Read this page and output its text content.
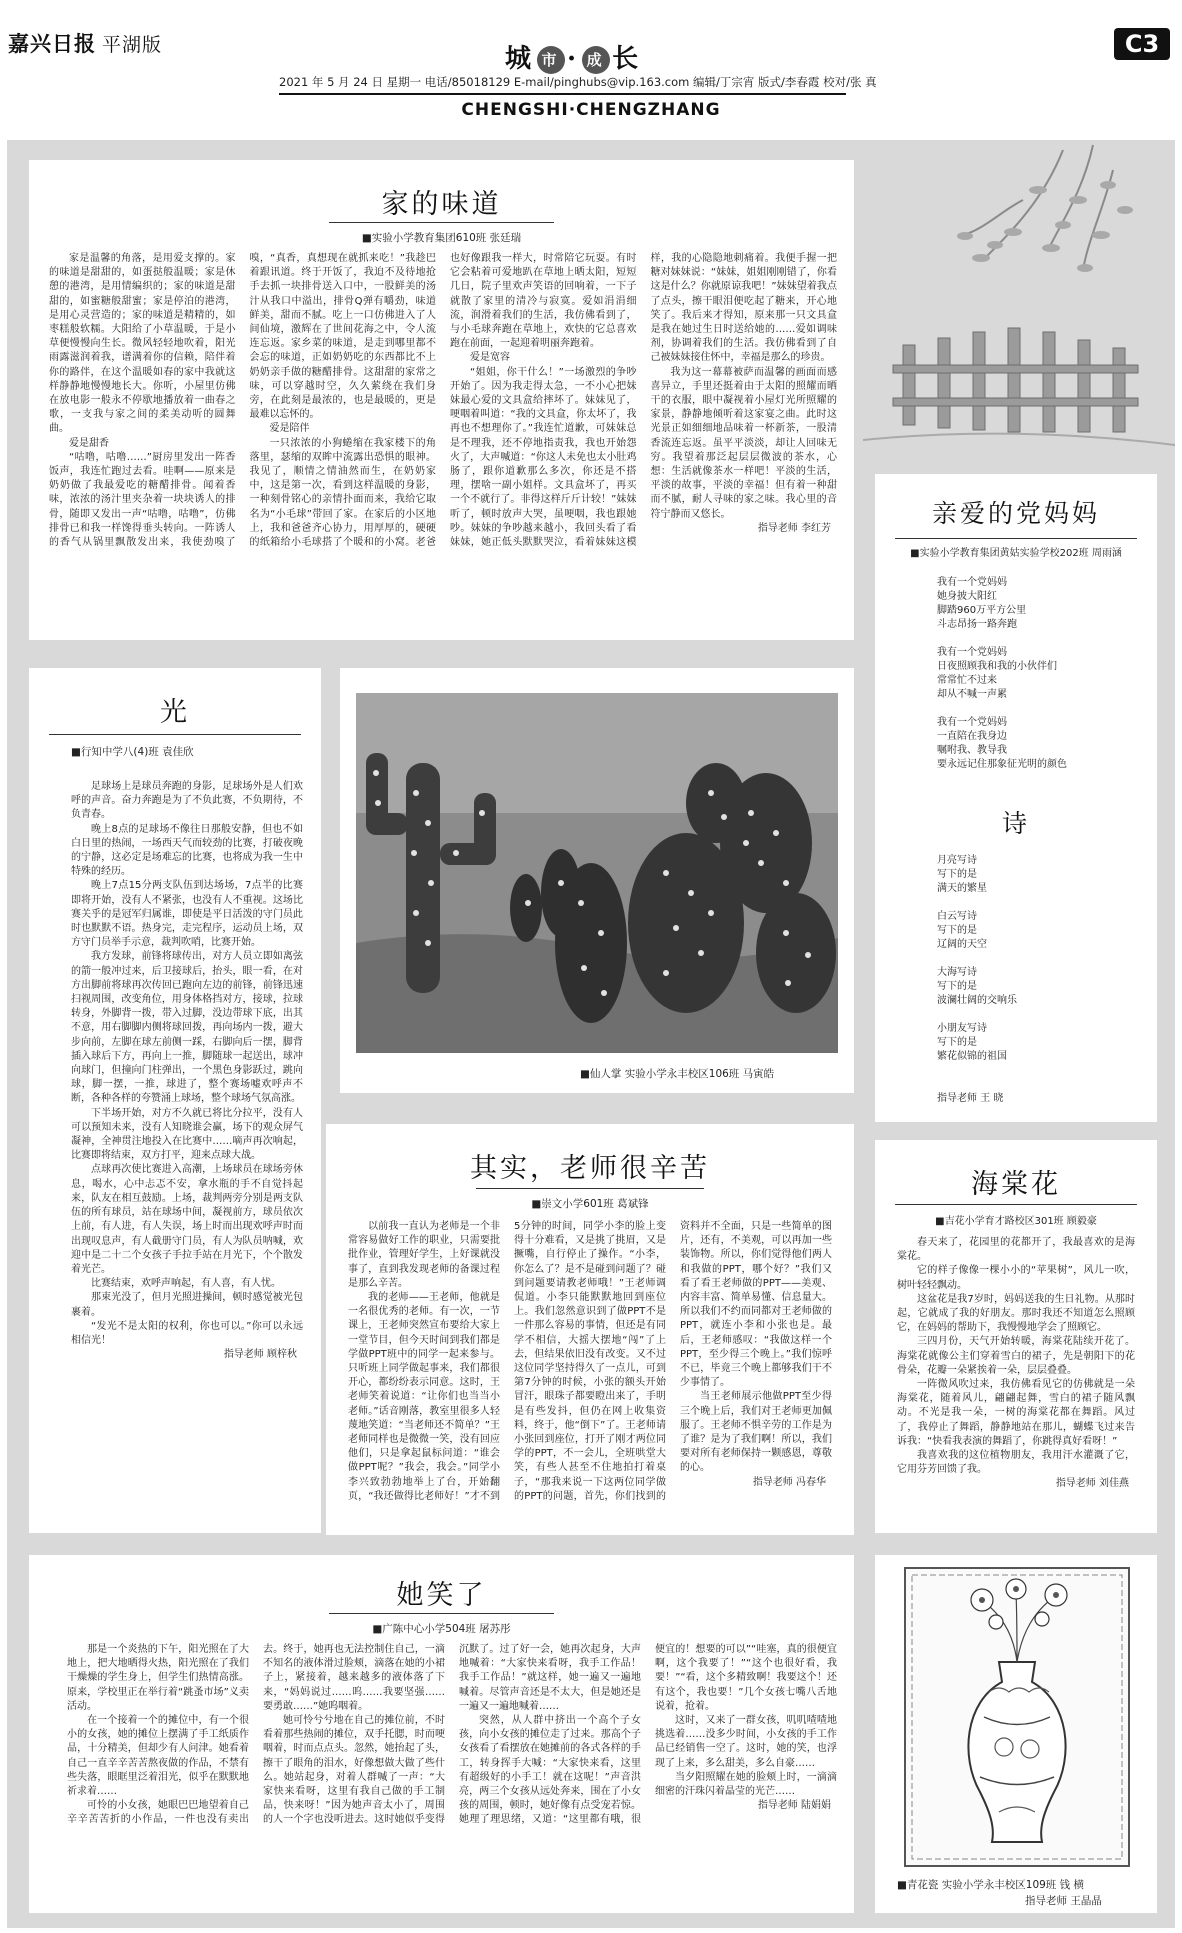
嘉兴日报 平湖版	城 市 · 成 长	C3
2021 年 5 月 24 日 星期一 电话/85018129 E-mail/pinghubs@vip.163.com 编辑/丁宗宵 版式/李春霞 校对/张 真
CHENGSHI·CHENGZHANG
家的味道
■实验小学教育集团610班 张廷瑞

家是温馨的角落，是用爱支撑的。家的味道是甜甜的，如蛋挞般温暖；家是休憩的港湾，是用情编织的；家的味道是甜甜的，如蜜糖般甜蜜；家是停泊的港湾，是用心灵营造的；家的味道是精精的，如枣糕般软糯。大阳给了小草温暖，于是小草便慢慢向生长。微风轻轻地吹着，阳光雨露滋润着我，谱满着你的信赖，陪伴着你的路伴，在这个温暖如春的家中我就这样静静地慢慢地长大。你听，小屋里仿佛在放电影一般永不停歇地播放着一曲春之歌，一支我与家之间的柔美动听的圆舞曲。

爱是甜香

“咕噜，咕噜……”厨房里发出一阵香饭声，我连忙跑过去看。哇啊——原来是奶奶做了我最爱吃的糖醋排骨。闻着香味，浓浓的汤汁里夹杂着一块块诱人的排骨，随即又发出一声“咕噜，咕噜”，仿佛排骨已和我一样馋得垂头转向。一阵诱人的香气从锅里飘散发出来，我使劲嗅了嗅，“真香，真想现在就抓来吃！”我趁巴着跟讯道。终于开饭了，我迫不及待地抢手去抓一块排骨送入口中，一股鲜美的汤汁从我口中溢出，排骨Q弹有嚼劲，味道鲜美，甜而不腻。吃上一口仿佛进入了人间仙境，激辉在了世间花海之中，令人流连忘返。家乡菜的味道，是走到哪里都不会忘的味道，正如奶奶吃的东西都比不上奶奶亲手做的糖醋排骨。这甜甜的家常之味，可以穿越时空，久久萦绕在我们身旁，在此刻是最浓的，也是最暖的，更是最难以忘怀的。

爱是陪伴

一只浓浓的小狗蜷缩在我家楼下的角落里，瑟缩的双眸中流露出恐惧的眼神。我见了，顺情之情油然而生，在奶奶家中，这是第一次，看到这样温暖的身影，一种刻骨铭心的亲情扑面而来，我给它取名为“小毛球”带回了家。在家后的小区地上，我和爸爸齐心协力，用厚厚的，硬硬的纸箱给小毛球搭了个暖和的小窝。老爸也好像跟我一样大，时常陪它玩耍。有时它会粘着可爱地趴在草地上晒太阳，短短几日，院子里欢声笑语的回响着，一下子就散了家里的清冷与寂寞。爱如涓涓细流，润滑着我们的生活，我仿佛看到了，与小毛球奔跑在草地上，欢快的它总喜欢跑在前面，一起迎着明丽奔跑着。

爱是宽容

“姐姐，你干什么！”一场激烈的争吵开始了。因为我走得太急，一不小心把妹妹最心爱的文具盒给摔坏了。妹妹见了，哽咽着叫道：“我的文具盒，你太坏了，我再也不想理你了。”我连忙道歉，可妹妹总是不理我，还不停地指责我，我也开始怨火了，大声喊道：“你这人未免也太小肚鸡肠了，跟你道歉那么多次，你还是不搭理，摆啥一副小姐样。文具盒坏了，再买一个不就行了。非得这样斤斤计较！”妹妹听了，顿时放声大哭，虽哽咽，我也跟她吵。妹妹的争吵越来越小，我回头看了看妹妹，她正低头默默哭泣，看着妹妹这模样，我的心隐隐地刺痛着。我便手握一把糖对妹妹说：“妹妹，姐姐刚刚错了，你看这是什么？你就原谅我吧！”妹妹望着我点了点头，擦干眼泪便吃起了糖来，开心地笑了。我后来才得知，原来那一只文具盒是我在她过生日时送给她的……爱如调味剂，协调着我们的生活。我仿佛看到了自己被妹妹接住怀中，幸福是那么的珍贵。

我为这一幕幕被萨而温馨的画面而感喜异立，手里还挺着由于太阳的照耀而晒干的衣服，眼中凝视着小屋灯光所照耀的家景，静静地倾听着这家宴之曲。此时这光景正如细细地品味着一杯新茶，一股清香流连忘返。虽平平淡淡，却让人回味无穷。我望着那泛起层层微波的茶水，心想：生活就像茶水一样吧！平淡的生活，平淡的故事，平淡的幸福！但有着一种甜而不腻，耐人寻味的家之味。我心里的音符宁静而又悠长。

指导老师 李红芳
亲爱的党妈妈
■实验小学教育集团黄姑实验学校202班 周雨涵
我有一个党妈妈
她身披大阳红
脚踏960万平方公里
斗志昂扬一路奔跑
我有一个党妈妈
日夜照顾我和我的小伙伴们
常常忙不过来
却从不喊一声累
我有一个党妈妈
一直陪在我身边
嘱咐我、教导我
要永远记住那象征光明的颜色
诗
月亮写诗
写下的是
满天的繁星
白云写诗
写下的是
辽阔的天空
大海写诗
写下的是
波澜壮阔的交响乐
小朋友写诗
写下的是
繁花似锦的祖国
指导老师 王 晓
光
■行知中学八(4)班 袁佳欣

足球场上是球员奔跑的身影，足球场外是人们欢呼的声音。奋力奔跑是为了不负此赛，不负期待，不负青春。

晚上8点的足球场不像往日那般安静，但也不如白日里的热闹，一场西天气而较劲的比赛，打破夜晚的宁静，这必定是场难忘的比赛，也将成为我一生中特殊的经历。

晚上7点15分两支队伍到达场场，7点半的比赛即将开始，没有人不紧张，也没有人不重视。这场比赛关乎的是冠军归属谁，即使是平日活泼的守门员此时也默默不语。热身完，走完程序，运动员上场，双方守门员举手示意，裁判吹哨，比赛开始。

我方发球，前锋将球传出，对方人员立即如离弦的箭一般冲过来，后卫接球后，抬头，眼一看，在对方出脚前将球再次传回已跑向左边的前锋，前锋迅速扫视周围，改变角位，用身体格挡对方，接球，拉球转身，外脚背一拨，带入过脚，没边带球下底，出其不意，用右脚脚内侧将球回拨，再向场内一拨，避大步向前，左脚在球左前侧一踩，右脚向后一摆，脚背插入球后下方，再向上一推，脚随球一起送出，球冲向球门，但撞向门柱弹出，一个黑色身影跃过，跳向球，脚一摆，一推，球进了，整个赛场嘘欢呼声不断，各种各样的夸赞涌上球场，整个球场气氛高涨。

下半场开始，对方不久就已将比分拉平，没有人可以预知未来，没有人知晓谁会赢，场下的观众屏气凝神，全神贯注地投入在比赛中……嘀声再次响起，比赛即将结束，双方打平，迎来点球大战。

点球再次使比赛进入高潮，上场球员在球场旁休息，喝水，心中忐忑不安，拿水瓶的手不自觉抖起来，队友在相互鼓励。上场，裁判两旁分别是两支队伍的所有球员，站在球场中间，凝视前方，球员依次上前，有人进，有人失误，场上时而出现欢呼声时而出现叹息声，有人截册守门员，有人为队员呐喊，欢迎中是二十二个女孩子手拉手站在月光下，个个散发着光芒。

比赛结束，欢呼声响起，有人喜，有人忧。

那束光没了，但月光照进操间，顿时感觉被光包裹着。

“发光不是太阳的权利，你也可以。”你可以永远相信光！

指导老师 顾梓秋
■仙人掌 实验小学永丰校区106班 马寅皓
其实，老师很辛苦
■崇文小学601班 葛斌锋

以前我一直认为老师是一个非常容易做好工作的职业，只需要批批作业，管理好学生，上好课就没事了，直到我发现老师的备课过程是那么辛苦。

我的老师——王老师，他就是一名很优秀的老师。有一次，一节课上，王老师突然宣布要给大家上一堂节目，但今天时间到我们都是学做PPT班中的同学一起来参与。只听班上同学做起事来，我们都很开心，都纷纷表示同意。这时，王老师笑着说道：“让你们也当当小老师。”话音刚落，教室里很多人轻蔑地笑道：“当老师还不简单？”王老师同样也是微微一笑，没有回应他们，只是拿起鼠标问道：“谁会做PPT呢？”我会，我会。”同学小李兴致勃勃地举上了台，开始翻页，“我还做得比老师好！”才不到5分钟的时间，同学小李的脸上变得十分难看，又是挑了挑眉，又是撅嘴，自行停止了操作。“小李，你怎么了？是不是碰到问题了？碰到问题要请教老师哦！”王老师调侃道。小李只能默默地回到座位上。我们忽然意识到了做PPT不是一件那么容易的事情，但还是有同学不相信，大摇大摆地“闯”了上去，但结果依旧没有改变。又不过这位同学坚持得久了一点儿，可到第7分钟的时候，小张的额头开始冒汗，眼珠子都要瞪出来了，手明是有些发抖，但仍在网上收集资料，终于，他“倒下”了。王老师请小张回到座位，打开了刚才两位同学的PPT，不一会儿，全班哄堂大笑，有些人甚至不住地拍打着桌子，“那我来说一下这两位同学做的PPT的问题，首先，你们找到的资料并不全面，只是一些简单的图片，还有，不美观，可以再加一些装饰物。所以，你们觉得他们两人和我做的PPT，哪个好？”我们又看了看王老师做的PPT——美观、内容丰富、简单易懂、信息量大。所以我们不约而同都对王老师做的PPT，就连小李和小张也是。最后，王老师感叹：“我做这样一个PPT，至少得三个晚上。”我们惊呼不已，毕竟三个晚上都够我们干不少事情了。

当王老师展示他做PPT至少得三个晚上后，我们对王老师更加佩服了。王老师不惧辛劳的工作是为了谁？是为了我们啊！所以，我们要对所有老师保持一颗感恩，尊敬的心。

指导老师 冯春华
海棠花
■吉花小学育才路校区301班 顾毅豪

春天来了，花园里的花都开了，我最喜欢的是海棠花。

它的样子像像一棵小小的“苹果树”，风儿一吹，树叶轻轻飘动。

这盆花是我7岁时，妈妈送我的生日礼物。从那时起，它就成了我的好朋友。那时我还不知道怎么照顾它，在妈妈的帮助下，我慢慢地学会了照顾它。

三四月份，天气开始转暖，海棠花陆续开花了。海棠花就像公主们穿着雪白的裙子，先是朝阳下的花骨朵，花瓣一朵紧挨着一朵，层层叠叠。

一阵微风吹过来，我仿佛看见它的仿佛就是一朵海棠花，随着风儿，翩翩起舞，雪白的裙子随风飘动。不光是我一朵，一树的海棠花都在舞蹈。风过了，我停止了舞蹈，静静地站在那儿，蝴蝶飞过来告诉我：“快看我表演的舞蹈了，你跳得真好看呀！”

我喜欢我的这位植物朋友，我用汗水灌溉了它，它用芬芳回馈了我。

指导老师 刘佳燕
她笑了
■广陈中心小学504班 屠苏彤

那是一个炎热的下午，阳光照在了大地上，把大地晒得火热，阳光照在了我们干燥燥的学生身上，但学生们热情高涨。原来，学校里正在举行着“跳蚤市场”义卖活动。

在一个接着一个的摊位中，有一个很小的女孩，她的摊位上摆满了手工纸质作品，十分精美，但却少有人问津。她看着自己一直辛辛苦苦熬夜做的作品，不禁有些失落，眼眶里泛着泪光，似乎在默默地祈求着……

可怜的小女孩，她眼巴巴地望着自己辛辛苦苦折的小作品，一件也没有卖出去。终于，她再也无法控制住自己，一滴不知名的液体滑过脸颊，滴落在她的小裙子上，紧接着，越来越多的液体落了下来，“妈妈说过……呜……我要坚强……要勇敢……”她呜咽着。

她可怜兮兮地在自己的摊位前，不时看着那些热闹的摊位，双手托腮，时而哽咽着，时而点点头。忽然，她抬起了头，擦干了眼角的泪水，好像想做大做了些什么。她站起身，对着人群喊了一声：“大家快来看呀，这里有我自己做的手工制品，快来呀！”因为她声音太小了，周围的人一个字也没听进去。这时她似乎变得沉默了。过了好一会，她再次起身，大声地喊着：“大家快来看呀，我手工作品！我手工作品！”就这样，她一遍又一遍地喊着。尽管声音还是不太大，但是她还是一遍又一遍地喊着……

突然，从人群中挤出一个高个子女孩，向小女孩的摊位走了过来。那高个子女孩看了看摆放在她摊前的各式各样的手工，转身挥手大喊：“大家快来看，这里有超级好的小手工！就在这呢！”声音洪亮，两三个女孩从远处奔来，围在了小女孩的周围，顿时，她好像有点受宠若惊。她理了理思绪，又道：“这里都有哦，很便宜的！想要的可以”“哇塞，真的很便宜啊，这个我要了！”“这个也很好看，我要！”“看，这个多精致啊！我要这个！还有这个，我也要！”几个女孩七嘴八舌地说着，抢着。

这时，又来了一群女孩，叽叽喳喳地挑选着……没多少时间，小女孩的手工作品已经销售一空了。这时，她的笑，也浮现了上来，多么甜美，多么自豪……

当夕阳照耀在她的脸颊上时，一滴滴细密的汗珠闪着晶莹的光芒……

指导老师 陆娟娟
■青花瓷 实验小学永丰校区109班 钱 横
指导老师 王晶晶
